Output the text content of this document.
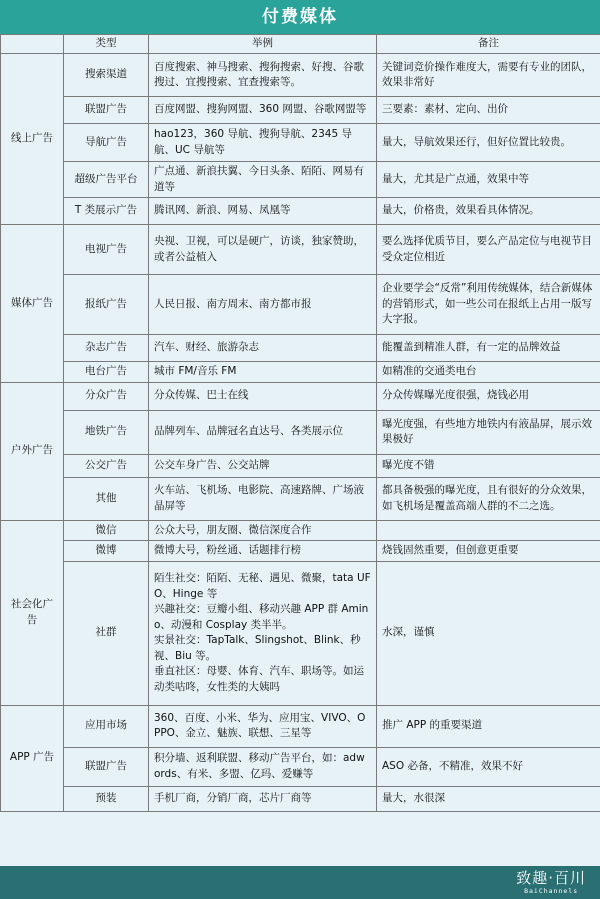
付费媒体
	类型	举例	备注
线上广告	搜索渠道	百度搜索、神马搜索、搜狗搜索、好搜、谷歌搜过、宜搜搜索、宜查搜索等。	关键词竞价操作难度大，需要有专业的团队，效果非常好
	联盟广告	百度网盟、搜狗网盟、360 网盟、谷歌网盟等	三要素：素材、定向、出价
	导航广告	hao123，360 导航、搜狗导航、2345 导航、UC 导航等	量大，导航效果还行，但好位置比较贵。
	超级广告平台	广点通、新浪扶翼、今日头条、陌陌、网易有道等	量大，尤其是广点通，效果中等
	T 类展示广告	腾讯网、新浪、网易、凤凰等	量大，价格贵，效果看具体情况。
媒体广告	电视广告	央视、卫视，可以是硬广，访谈，独家赞助，或者公益植入	要么选择优质节目，要么产品定位与电视节目受众定位相近
	报纸广告	人民日报、南方周末、南方都市报	企业要学会“反常”利用传统媒体，结合新媒体的营销形式，如一些公司在报纸上占用一版写大字报。
	杂志广告	汽车、财经、旅游杂志	能覆盖到精准人群，有一定的品牌效益
	电台广告	城市 FM/音乐 FM	如精准的交通类电台
户外广告	分众广告	分众传媒、巴士在线	分众传媒曝光度很强，烧钱必用
	地铁广告	品牌列车、品牌冠名直达号、各类展示位	曝光度强，有些地方地铁内有液晶屏，展示效果极好
	公交广告	公交车身广告、公交站牌	曝光度不错
	其他	火车站、飞机场、电影院、高速路牌、广场液晶屏等	都具备极强的曝光度，且有很好的分众效果，如飞机场是覆盖高端人群的不二之选。
社会化广告	微信	公众大号，朋友圈、微信深度合作	
	微博	微博大号，粉丝通、话题排行榜	烧钱固然重要，但创意更重要
	社群	陌生社交：陌陌、无秘、遇见、微聚，tata UFO、Hinge 等
兴趣社交：豆瓣小组、移动兴趣 APP 群 Amino、动漫和 Cosplay 类半半。
实景社交：TapTalk、Slingshot、Blink、秒视、Biu 等。
垂直社区：母婴、体育、汽车、职场等。如运动类咕咚，女性类的大姨吗	水深，谨慎
APP 广告	应用市场	360、百度、小米、华为、应用宝、VIVO、OPPO、金立、魅族、联想、三星等	推广 APP 的重要渠道
	联盟广告	积分墙、返利联盟、移动广告平台，如：adwords、有米、多盟、亿玛、爱赚等	ASO 必备，不精准，效果不好
	预装	手机厂商，分销厂商，芯片厂商等	量大，水很深
致趣·百川
BaiChannels
